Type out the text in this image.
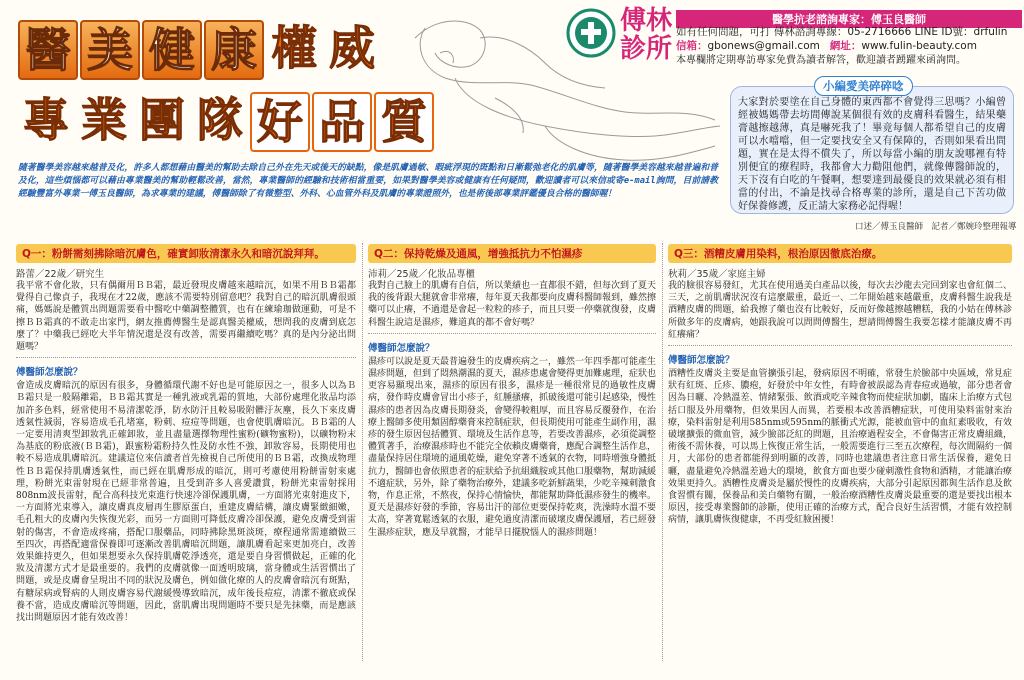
醫 美 健 康 權 威
專 業 團 隊 好 品 質
傅林
診所
醫學抗老諮詢專家：傅玉良醫師
如有任何問題，可打 傅林諮詢專線：05-2716666 LINE ID號：drfulin
信箱：gbonews@gmail.com 網址：www.fulin-beauty.com
本專欄將定期專訪專家免費為讀者解答，歡迎讀者踴躍來函詢問。
小編愛美碎碎唸
大家對於要塗在自己身體的東西都不會覺得三思嗎？小編曾經被媽媽帶去坊間傳說某個很有效的皮膚科看醫生，結果藥膏越擦越薄，真是嚇死我了！畢竟每個人都希望自己的皮膚可以水噹噹，但一定要找安全又有保障的，否則如果看出問題，實在是太得不償失了，所以每當小編的朋友說哪裡有特別便宜的療程時，我都會大力勸阻他們，就像傳醫師說的，天下沒有白吃的午餐啊，想要達到最優良的效果就必須有相當的付出，不論是找尋合格專業的診所，還是自己下苦功做好保養修護，反正請大家務必記得喔！
隨著醫學美容越來越普及化，許多人都想藉由醫美的幫助去除自己外在先天或後天的缺點，像是肌膚過敏、暇疵浮現的斑點和日漸鬆弛老化的肌膚等，隨著醫學美容越來越普遍和普及化，這些煩惱都可以藉由專業醫美的幫助輕鬆改善，當然，專業醫師的經驗和技術相當重要，如果對醫學美容或健康有任何疑問，歡迎讀者可以來信或寄e-mail詢問，目前請教經驗豐富外專業一傅玉良醫師，為求專業的建議，傅醫師除了有微整型、外科、心血管外科及肌膚的專業證照外，也是術後部專業評鑑優良合格的醫師喔！
口述／傅玉良醫師　記者／鄭婉玲整理報導
Q一：粉餅需刻拂除暗沉膚色，確實卸妝清潔永久和暗沉說拜拜。
路蕾／22歲／研究生
我平常不會化妝，只有偶爾用ＢＢ霜，最近發現皮膚越來越暗沉，如果不用ＢＢ霜都覺得自己像貞子，我現在才22歲，應該不需要特別留意吧？我對自己的暗沉肌膚很頭痛，媽媽說是體質出問題需要看中醫吃中藥調整體質，也有在練瑜珈做運動，可是不擦ＢＢ霜真的不敢走出家門，網友推薦傅醫生是認真醫美權威，想問我的皮膚到底怎麼了？中藥我已經吃大半年情況還是沒有改善，需要再繼續吃嗎？真的是內分泌出問題嗎？
傅醫師怎麼說？
會造成皮膚暗沉的原因有很多，身體循環代謝不好也是可能原因之一，很多人以為ＢＢ霜只是一般隔離霜，ＢＢ霜其實是一種乳液或乳霜的質地，大部份處理化妝品均添加許多色料，經常使用不易清潔乾淨，防水防汗且較易吸附髒汙灰塵，長久下來皮膚透氣性減弱，容易造成毛孔堵塞，粉刺、痘痘等問題，也會使肌膚暗沉。ＢＢ霜的人一定要用清爽型卸妝乳正確卸妝，並且盡量選擇物理性蜜粉(礦物蜜粉)，以礦物粉末為基底的粉底液(ＢＢ霜)，跟蜜粉霜粉持久性及防水性不強，卸妝容易，長期使用也較不易造成肌膚暗沉。建議這位來信讀者首先檢視自己所使用的ＢＢ霜，改換成物理性ＢＢ霜保持肌膚透氣性，而已經在肌膚形成的暗沉，則可考慮使用粉餅雷射來處理，粉餅光束雷射現在已經非常普遍，且受到許多人喜愛讚賞，粉餅光束雷射採用808nm波長雷射，配合高科技光束進行快速冷卻保護肌膚，一方面將光束射進皮下，一方面將光束導入，讓皮膚真皮層再生膠原蛋白，重建皮膚結構，讓皮膚緊緻細嫩，毛孔粗大的皮膚內失恢復光彩，而另一方面則可降低皮膚冷卻保護，避免皮膚受到雷射的傷害，不會造成疼痛，搭配口服藥品，同時拂除黑斑淡斑，療程通常需連續做三至四次，再搭配適當保養即可逐漸改善肌膚暗沉問題，讓肌膚看起來更加亮白，改善效果維持更久，但如果想要永久保持肌膚乾淨透亮，還是要自身習慣做起，正確的化妝及清潔方式才是最重要的。我們的皮膚就像一面透明玻璃，當身體或生活習慣出了問題，或是皮膚會呈現出不同的狀況及膚色，例如做化療的人的皮膚會暗沉有斑點，有糖尿病或腎病的人則皮膚容易代謝緩慢導致暗沉，成年後長痘痘，清潔不徹底或保養不當，造成皮膚暗沉等問題，因此，當肌膚出現問題時不要只是先抹藥，而是應該找出問題原因才能有效改善！
Q二：保持乾燥及通風，增強抵抗力不怕濕疹
沛莉／25歲／化妝品專櫃
我對自己臉上的肌膚有自信，所以業績也一直都很不錯，但每次到了夏天我的後背跟大腿就會非常癢，每年夏天我都要向皮膚科醫師報到，雖然擦藥可以止癢，不過還是會起一粒粒的疹子，而且只要一停藥就復發，皮膚科醫生說這是濕疹，難道真的都不會好嗎？
傅醫師怎麼說？
濕疹可以說是夏天最普遍發生的皮膚疾病之一，雖然一年四季都可能產生濕疹問題，但到了悶熱潮濕的夏天，濕疹患處會變得更加難處理，症狀也更容易顯現出來，濕疹的原因有很多，濕疹是一種很常見的過敏性皮膚病，發作時皮膚會冒出小疹子，紅腫搔癢，抓破後還可能引起感染，慢性濕疹的患者因為皮膚長期發炎，會變得較粗厚，而且容易反覆發作，在治療上醫師多使用類固醇藥膏來控制症狀，但長期使用可能產生副作用，濕疹的發生原因包括體質、環境及生活作息等，若要改善濕疹，必須從調整體質著手，治療濕疹時也不能完全依賴皮膚藥膏，應配合調整生活作息，盡量保持居住環境的通風乾燥，避免穿著不透氣的衣物，同時增強身體抵抗力，醫師也會依照患者的症狀給予抗組織胺或其他口服藥物，幫助減緩不適症狀，另外，除了藥物治療外，建議多吃新鮮蔬果，少吃辛辣刺激食物，作息正常，不熬夜，保持心情愉快，都能幫助降低濕疹發生的機率。夏天是濕疹好發的季節，容易出汗的部位更要保持乾爽，洗澡時水溫不要太高，穿著寬鬆透氣的衣服，避免過度清潔而破壞皮膚保護層，若已經發生濕疹症狀，應及早就醫，才能早日擺脫惱人的濕疹問題！
Q三：酒糟皮膚用染料，根治原因徹底治療。
秋莉／35歲／家庭主婦
我的臉很容易發紅，尤其在使用過美白產品以後，每次去沙龍去完回到家也會紅個二、三天，之前肌膚狀況沒有這麼嚴重，最近一、二年開始越來越嚴重，皮膚科醫生說我是酒糟皮膚的問題，給我擦了藥也沒有比較好，反而好像越擦越糟糕，我的小姑在傅林診所做多年的皮膚病，她跟我說可以問問傅醫生，想請問傅醫生我要怎樣才能讓皮膚不再紅癢痛？
傅醫師怎麼說？
酒糟性皮膚炎主要是血管擴張引起，發病原因不明確，常發生於臉部中央區域，常見症狀有紅斑、丘疹、膿疱，好發於中年女性，有時會被誤認為青春痘或過敏，部分患者會因為日曬、冷熱溫差、情緒緊張、飲酒或吃辛辣食物而使症狀加劇，臨床上治療方式包括口服及外用藥物，但效果因人而異，若要根本改善酒糟症狀，可使用染料雷射來治療，染料雷射是利用585nm或595nm的脈衝式光源，能被血管中的血紅素吸收，有效破壞擴張的微血管，減少臉部泛紅的問題，且治療過程安全，不會傷害正常皮膚組織，術後不需休養，可以馬上恢復正常生活，一般需要進行三至五次療程，每次間隔約一個月，大部份的患者都能得到明顯的改善，同時也建議患者注意日常生活保養，避免日曬，盡量避免冷熱溫差過大的環境，飲食方面也要少碰刺激性食物和酒精，才能讓治療效果更持久。酒糟性皮膚炎是屬於慢性的皮膚疾病，大部分引起原因都與生活作息及飲食習慣有關，保養品和美白藥物有關，一般治療酒糟性皮膚炎最重要的還是要找出根本原因，接受專業醫師的診斷，使用正確的治療方式，配合良好生活習慣，才能有效控制病情，讓肌膚恢復健康，不再受紅臉困擾！
